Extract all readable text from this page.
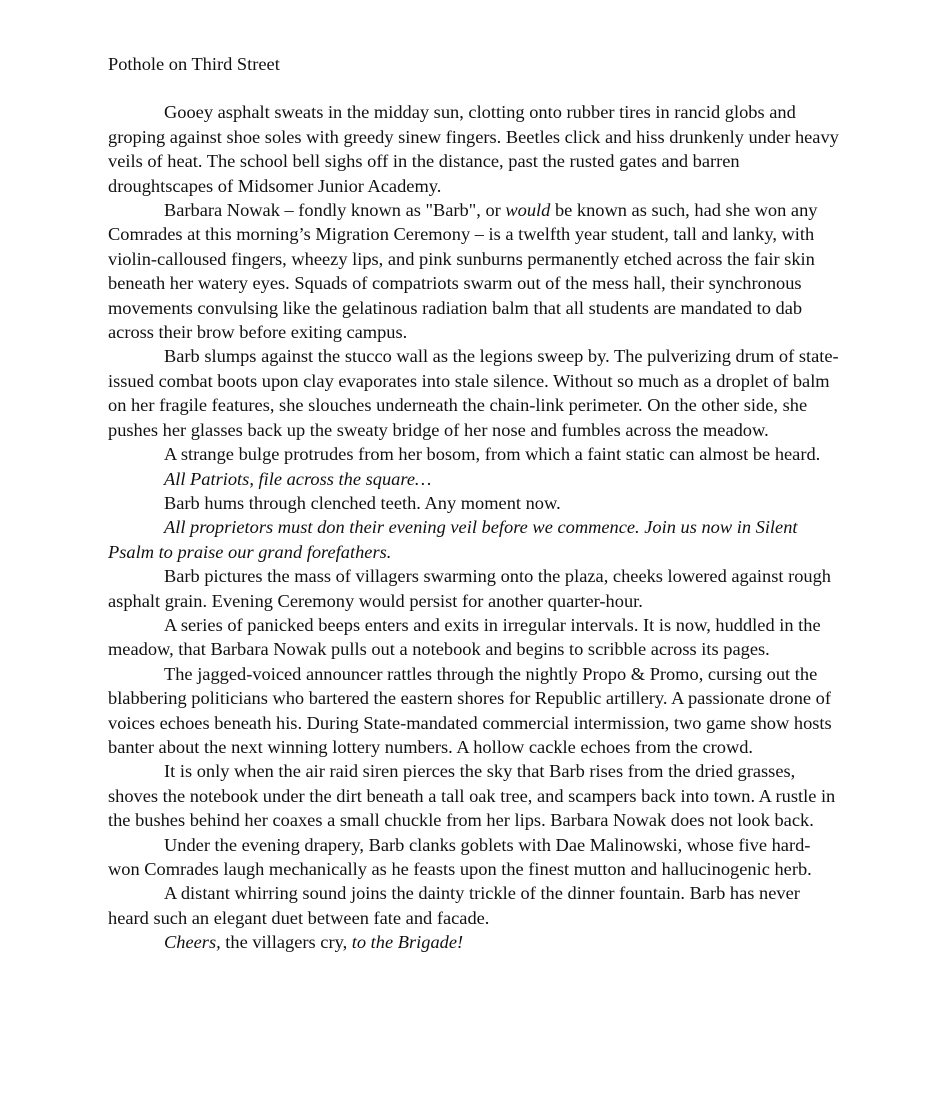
Pothole on Third Street

Gooey asphalt sweats in the midday sun, clotting onto rubber tires in rancid globs and groping against shoe soles with greedy sinew fingers. Beetles click and hiss drunkenly under heavy veils of heat. The school bell sighs off in the distance, past the rusted gates and barren droughtscapes of Midsomer Junior Academy.

Barbara Nowak – fondly known as "Barb", or would be known as such, had she won any Comrades at this morning’s Migration Ceremony – is a twelfth year student, tall and lanky, with violin-calloused fingers, wheezy lips, and pink sunburns permanently etched across the fair skin beneath her watery eyes. Squads of compatriots swarm out of the mess hall, their synchronous movements convulsing like the gelatinous radiation balm that all students are mandated to dab across their brow before exiting campus.

Barb slumps against the stucco wall as the legions sweep by. The pulverizing drum of state-issued combat boots upon clay evaporates into stale silence. Without so much as a droplet of balm on her fragile features, she slouches underneath the chain-link perimeter. On the other side, she pushes her glasses back up the sweaty bridge of her nose and fumbles across the meadow.

A strange bulge protrudes from her bosom, from which a faint static can almost be heard.

All Patriots, file across the square…

Barb hums through clenched teeth. Any moment now.

All proprietors must don their evening veil before we commence. Join us now in Silent Psalm to praise our grand forefathers.

Barb pictures the mass of villagers swarming onto the plaza, cheeks lowered against rough asphalt grain. Evening Ceremony would persist for another quarter-hour.

A series of panicked beeps enters and exits in irregular intervals. It is now, huddled in the meadow, that Barbara Nowak pulls out a notebook and begins to scribble across its pages.

The jagged-voiced announcer rattles through the nightly Propo & Promo, cursing out the blabbering politicians who bartered the eastern shores for Republic artillery. A passionate drone of voices echoes beneath his. During State-mandated commercial intermission, two game show hosts banter about the next winning lottery numbers. A hollow cackle echoes from the crowd.

It is only when the air raid siren pierces the sky that Barb rises from the dried grasses, shoves the notebook under the dirt beneath a tall oak tree, and scampers back into town. A rustle in the bushes behind her coaxes a small chuckle from her lips. Barbara Nowak does not look back.

Under the evening drapery, Barb clanks goblets with Dae Malinowski, whose five hard-won Comrades laugh mechanically as he feasts upon the finest mutton and hallucinogenic herb.

A distant whirring sound joins the dainty trickle of the dinner fountain. Barb has never heard such an elegant duet between fate and facade.

Cheers, the villagers cry, to the Brigade!
